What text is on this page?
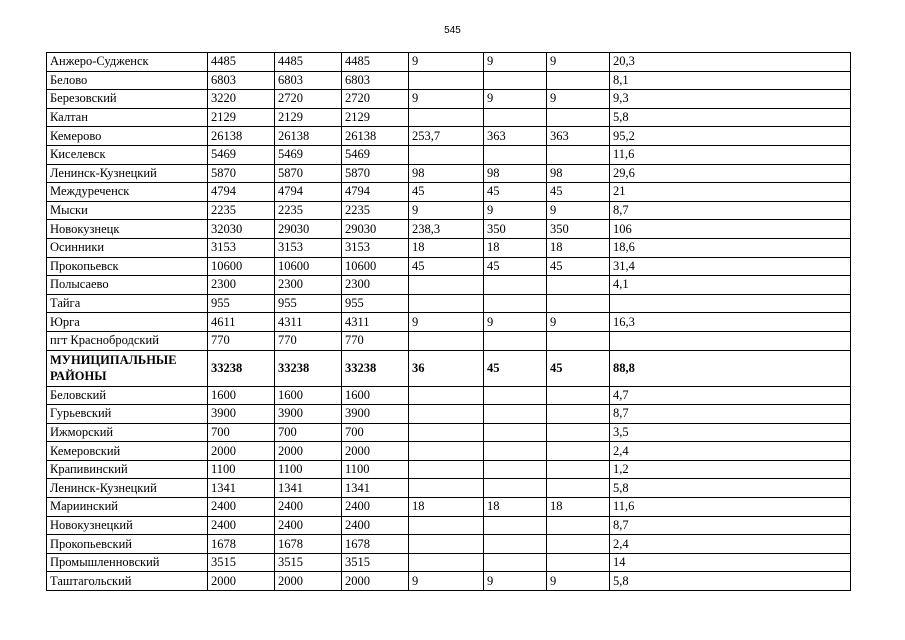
545
Анжеро-Судженск	4485	4485	4485	9	9	9	20,3
Белово	6803	6803	6803				8,1
Березовский	3220	2720	2720	9	9	9	9,3
Калтан	2129	2129	2129				5,8
Кемерово	26138	26138	26138	253,7	363	363	95,2
Киселевск	5469	5469	5469				11,6
Ленинск-Кузнецкий	5870	5870	5870	98	98	98	29,6
Междуреченск	4794	4794	4794	45	45	45	21
Мыски	2235	2235	2235	9	9	9	8,7
Новокузнецк	32030	29030	29030	238,3	350	350	106
Осинники	3153	3153	3153	18	18	18	18,6
Прокопьевск	10600	10600	10600	45	45	45	31,4
Полысаево	2300	2300	2300				4,1
Тайга	955	955	955				
Юрга	4611	4311	4311	9	9	9	16,3
пгт Краснобродский	770	770	770				
МУНИЦИПАЛЬНЫЕ РАЙОНЫ	33238	33238	33238	36	45	45	88,8
Беловский	1600	1600	1600				4,7
Гурьевский	3900	3900	3900				8,7
Ижморский	700	700	700				3,5
Кемеровский	2000	2000	2000				2,4
Крапивинский	1100	1100	1100				1,2
Ленинск-Кузнецкий	1341	1341	1341				5,8
Мариинский	2400	2400	2400	18	18	18	11,6
Новокузнецкий	2400	2400	2400				8,7
Прокопьевский	1678	1678	1678				2,4
Промышленновский	3515	3515	3515				14
Таштагольский	2000	2000	2000	9	9	9	5,8
